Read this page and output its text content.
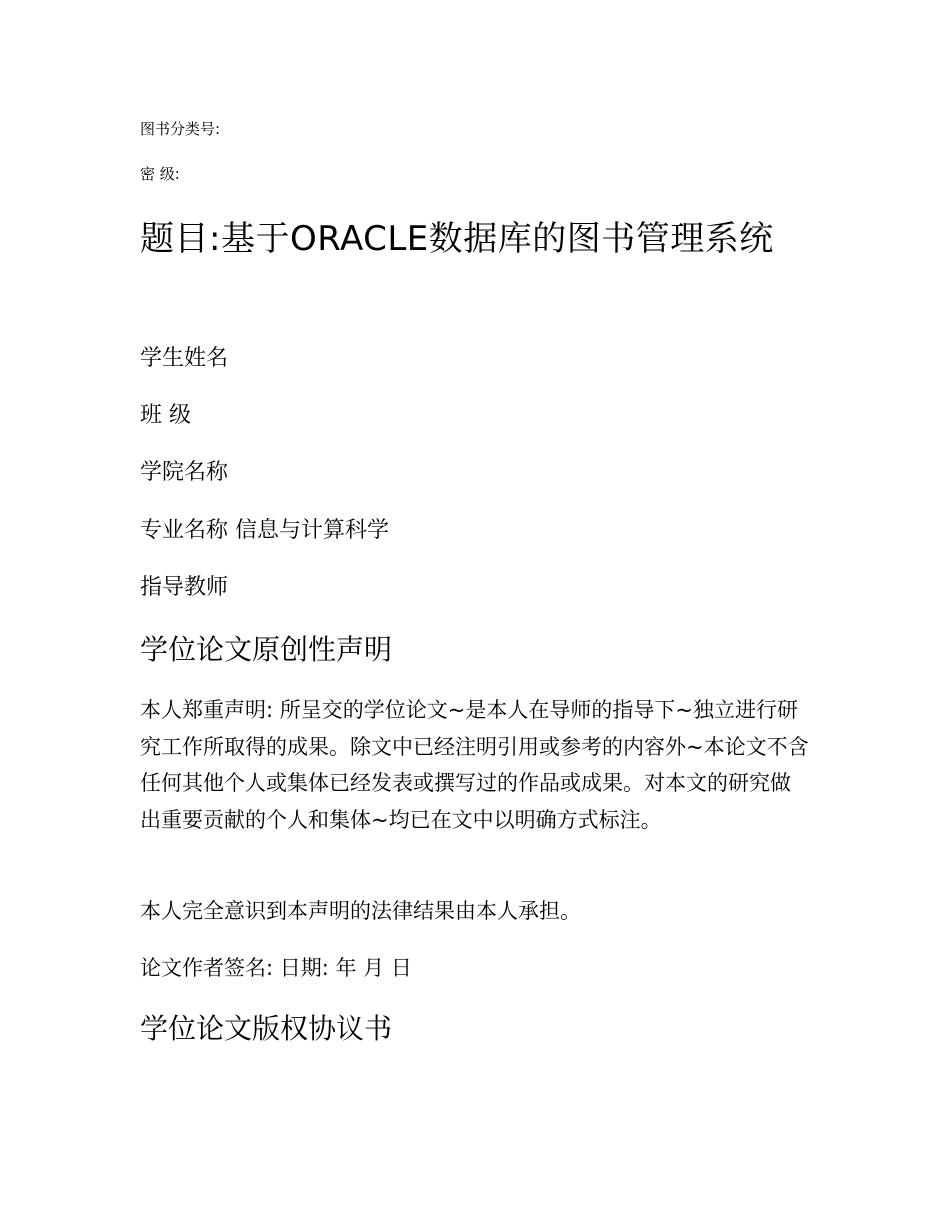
图书分类号:
密 级:
题目:基于ORACLE数据库的图书管理系统
学生姓名
班 级
学院名称
专业名称 信息与计算科学
指导教师
学位论文原创性声明
本人郑重声明: 所呈交的学位论文~是本人在导师的指导下~独立进行研究工作所取得的成果。除文中已经注明引用或参考的内容外~本论文不含任何其他个人或集体已经发表或撰写过的作品或成果。对本文的研究做出重要贡献的个人和集体~均已在文中以明确方式标注。
本人完全意识到本声明的法律结果由本人承担。
论文作者签名: 日期: 年 月 日
学位论文版权协议书
